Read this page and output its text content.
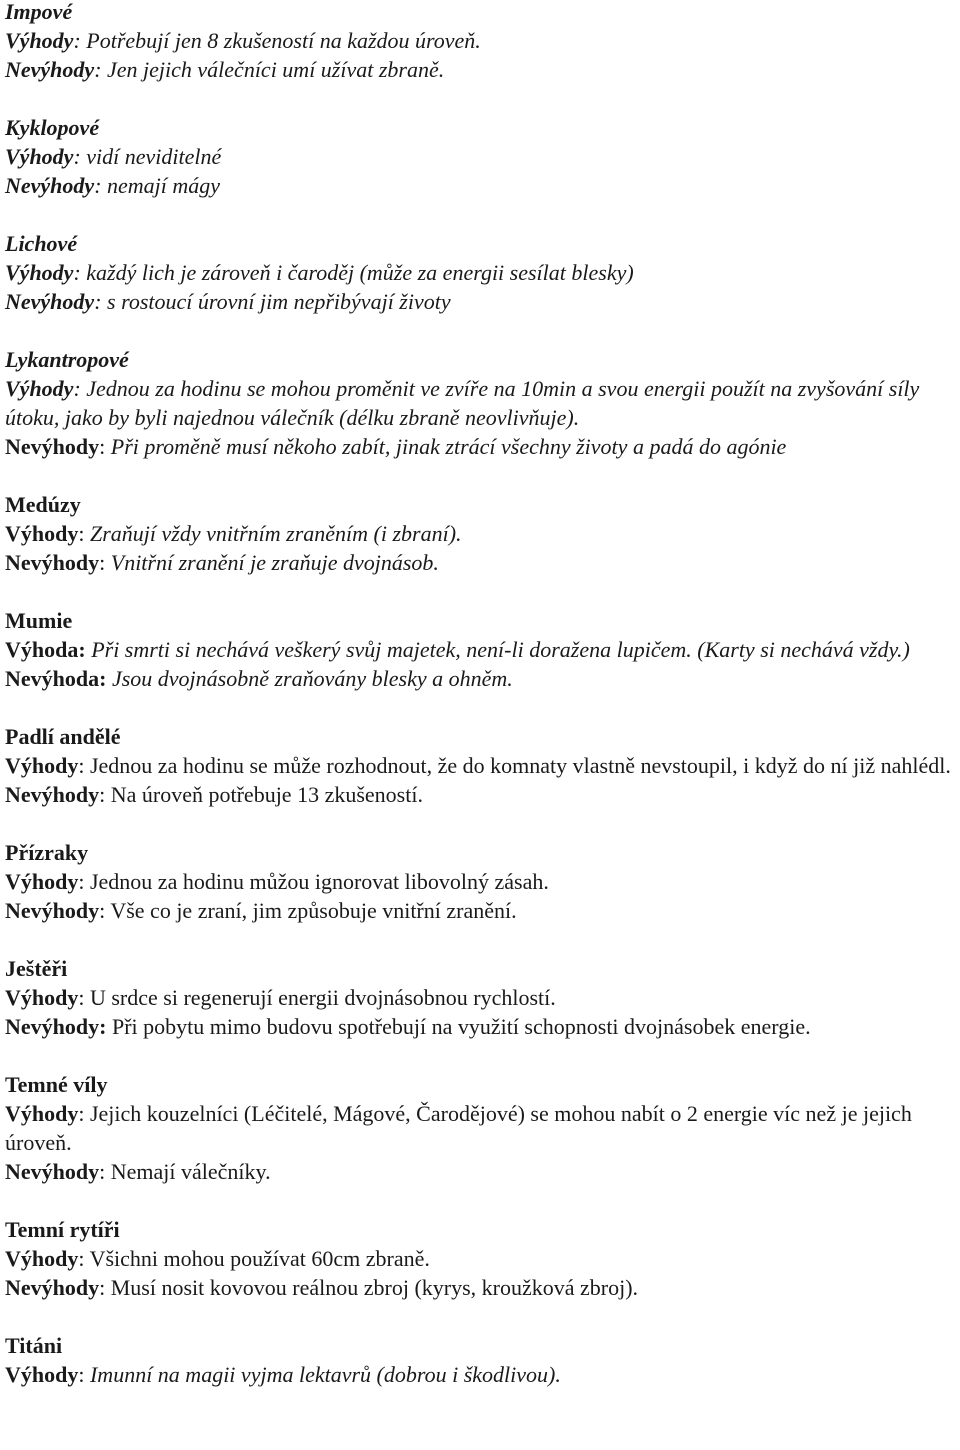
Impové
Výhody: Potřebují jen 8 zkušeností na každou úroveň.
Nevýhody: Jen jejich válečníci umí užívat zbraně.
Kyklopové
Výhody: vidí neviditelné
Nevýhody: nemají mágy
Lichové
Výhody: každý lich je zároveň i čaroděj (může za energii sesílat blesky)
Nevýhody: s rostoucí úrovní jim nepřibývají životy
Lykantropové
Výhody: Jednou za hodinu se mohou proměnit ve zvíře na 10min a svou energii použít na zvyšování síly útoku, jako by byli najednou válečník (délku zbraně neovlivňuje).
Nevýhody: Při proměně musí někoho zabít, jinak ztrácí všechny životy a padá do agónie
Medúzy
Výhody: Zraňují vždy vnitřním zraněním (i zbraní).
Nevýhody: Vnitřní zranění je zraňuje dvojnásob.
Mumie
Výhoda: Při smrti si nechává veškerý svůj majetek, není-li doražena lupičem. (Karty si nechává vždy.)
Nevýhoda: Jsou dvojnásobně zraňovány blesky a ohněm.
Padlí andělé
Výhody: Jednou za hodinu se může rozhodnout, že do komnaty vlastně nevstoupil, i když do ní již nahlédl.
Nevýhody: Na úroveň potřebuje 13 zkušeností.
Přízraky
Výhody: Jednou za hodinu můžou ignorovat libovolný zásah.
Nevýhody: Vše co je zraní, jim způsobuje vnitřní zranění.
Ještěři
Výhody: U srdce si regenerují energii dvojnásobnou rychlostí.
Nevýhody: Při pobytu mimo budovu spotřebují na využití schopnosti dvojnásobek energie.
Temné víly
Výhody: Jejich kouzelníci (Léčitelé, Mágové, Čarodějové) se mohou nabít o 2 energie víc než je jejich úroveň.
Nevýhody: Nemají válečníky.
Temní rytíři
Výhody: Všichni mohou používat 60cm zbraně.
Nevýhody: Musí nosit kovovou reálnou zbroj (kyrys, kroužková zbroj).
Titáni
Výhody: Imunní na magii vyjma lektavrů (dobrou i škodlivou).
